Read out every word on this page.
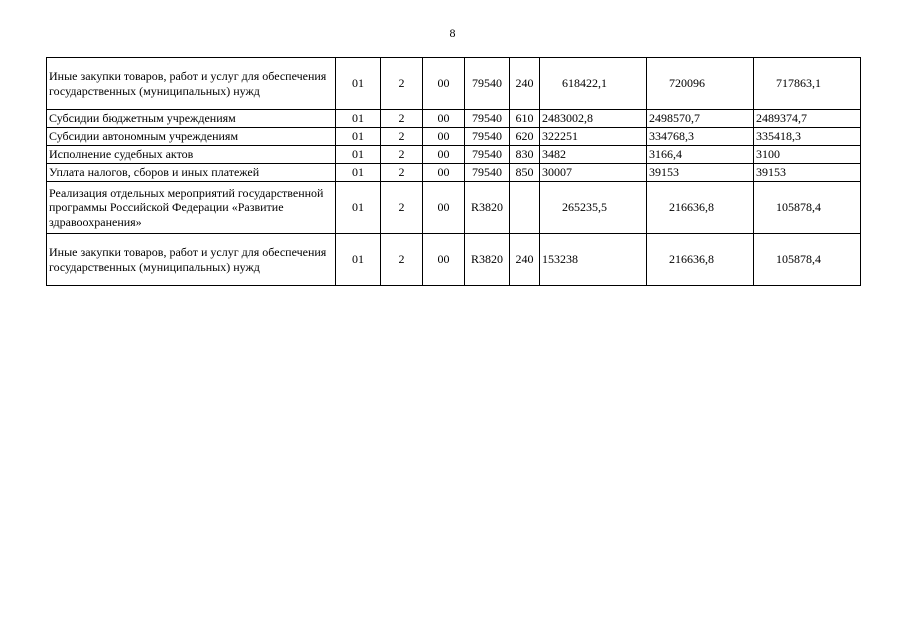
8
Иные закупки товаров, работ и услуг для обеспечения государственных (муниципальных) нужд	01	2	00	79540	240	618422,1	720096	717863,1
Субсидии бюджетным учреждениям	01	2	00	79540	610	2483002,8	2498570,7	2489374,7
Субсидии автономным учреждениям	01	2	00	79540	620	322251	334768,3	335418,3
Исполнение судебных актов	01	2	00	79540	830	3482	3166,4	3100
Уплата налогов, сборов и иных платежей	01	2	00	79540	850	30007	39153	39153
Реализация отдельных мероприятий государственной программы Российской Федерации «Развитие здравоохранения»	01	2	00	R3820		265235,5	216636,8	105878,4
Иные закупки товаров, работ и услуг для обеспечения государственных (муниципальных) нужд	01	2	00	R3820	240	153238	216636,8	105878,4
